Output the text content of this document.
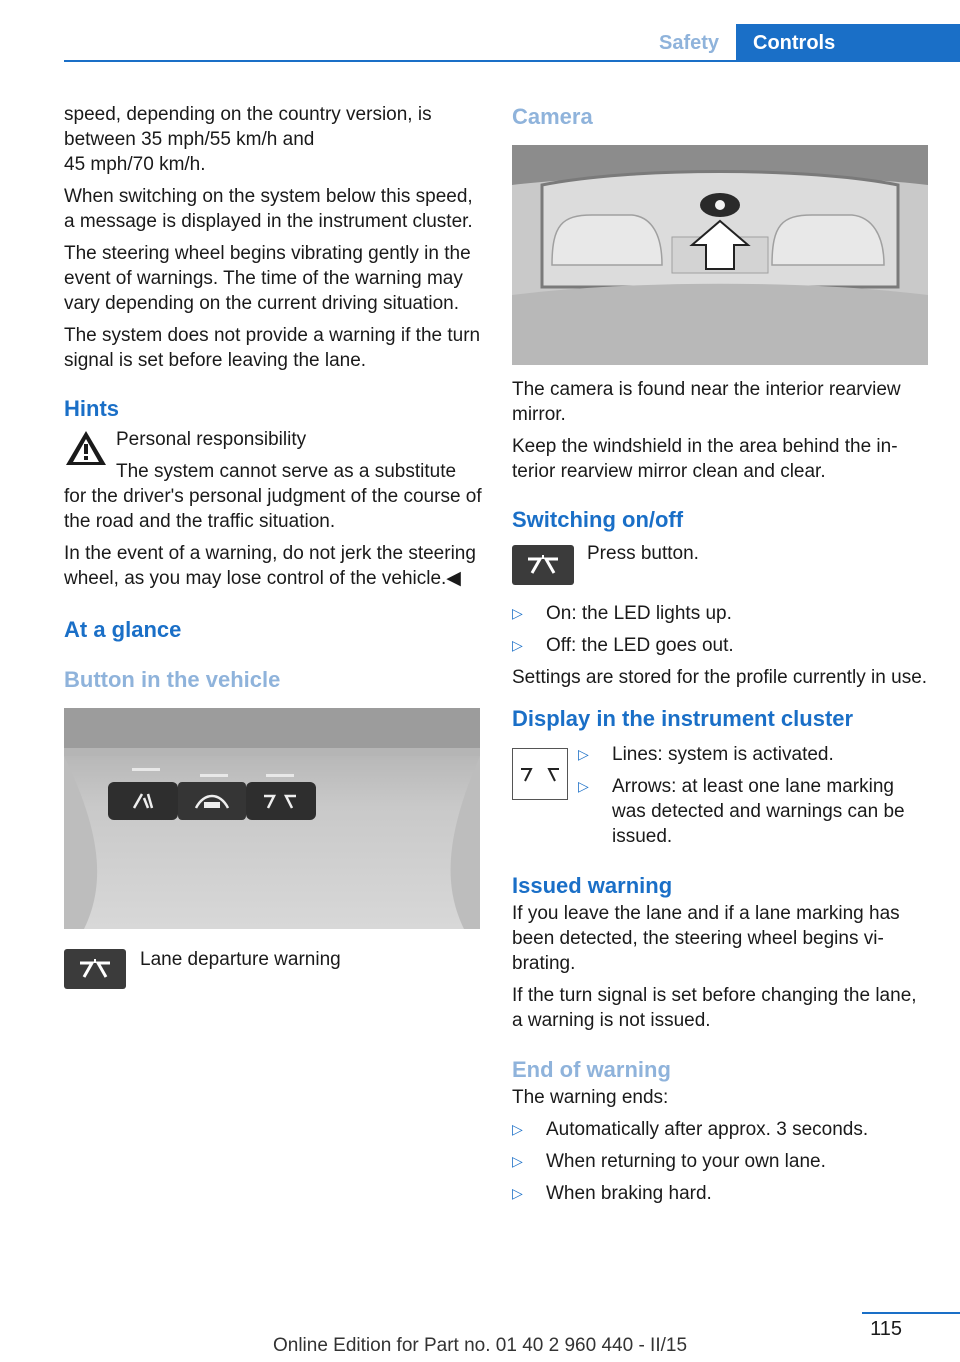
Safety	Controls

speed, depending on the country version, is between 35 mph/55 km/h and
45 mph/70 km/h.

When switching on the system below this speed, a message is displayed in the instrument cluster.

The steering wheel begins vibrating gently in the event of warnings. The time of the warning may vary depending on the current driving situation.

The system does not provide a warning if the turn signal is set before leaving the lane.

Hints

Personal responsibility

The system cannot serve as a substitute

for the driver's personal judgment of the course of the road and the traffic situation.

In the event of a warning, do not jerk the steering wheel, as you may lose control of the vehicle.◀

At a glance
Button in the vehicle
Lane departure warning
Camera

The camera is found near the interior rearview mirror.

Keep the windshield in the area behind the interior rearview mirror clean and clear.

Switching on/off
Press button.
▷ On: the LED lights up.
▷ Off: the LED goes out.

Settings are stored for the profile currently in use.

Display in the instrument cluster
▷ Lines: system is activated.
▷ Arrows: at least one lane marking was detected and warnings can be issued.
Issued warning

If you leave the lane and if a lane marking has been detected, the steering wheel begins vibrating.

If the turn signal is set before changing the lane, a warning is not issued.

End of warning

The warning ends:

▷ Automatically after approx. 3 seconds.
▷ When returning to your own lane.
▷ When braking hard.
115
Online Edition for Part no. 01 40 2 960 440 - II/15
